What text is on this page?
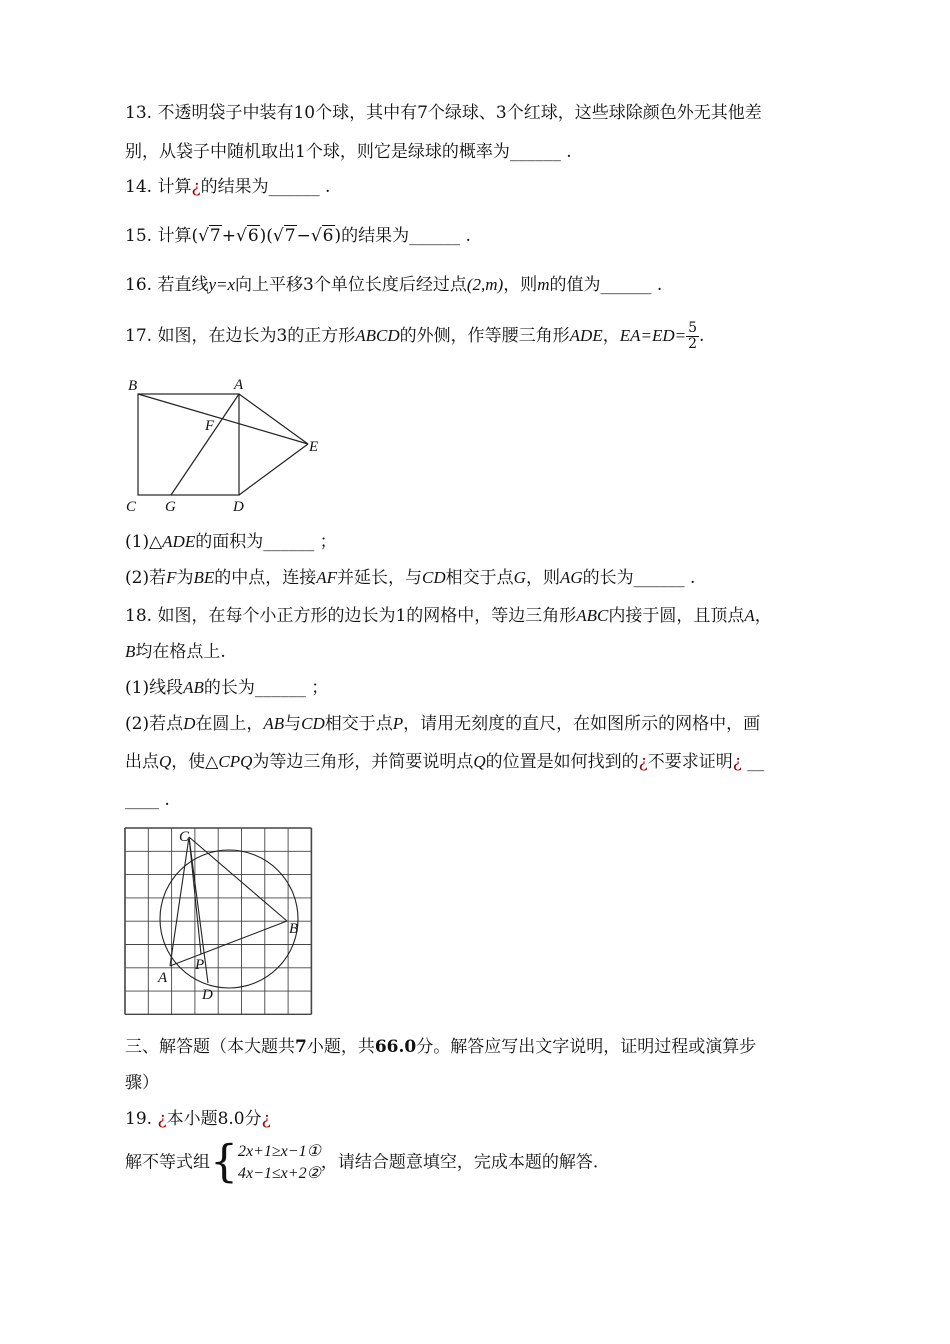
13. 不透明袋子中装有10个球，其中有7个绿球、3个红球，这些球除颜色外无其他差
别，从袋子中随机取出1个球，则它是绿球的概率为______ .
14. 计算¿的结果为______ .
15. 计算(√7+√6)(√7−√6)的结果为______ .
16. 若直线y=x向上平移3个单位长度后经过点(2,m)，则m的值为______ .
17. 如图，在边长为3的正方形ABCD的外侧，作等腰三角形ADE，$EA=ED= \frac{5}{2}$ .
B	A
F
E
C G	D
(1)△ADE的面积为______ ；
(2)若F为BE的中点，连接AF并延长，与CD相交于点G，则AG的长为______ .
18. 如图，在每个小正方形的边长为1的网格中，等边三角形ABC内接于圆，且顶点A，
B均在格点上.
(1)线段AB的长为______ ；
(2)若点D在圆上，AB与CD相交于点P，请用无刻度的直尺，在如图所示的网格中，画
出点Q，使△CPQ为等边三角形，并简要说明点Q的位置是如何找到的¿不要求证明¿ __
____ .
C
B
A
P
D
三、解答题（本大题共7小题，共66.0分。解答应写出文字说明，证明过程或演算步
骤）
19. ¿本小题8.0分¿
解不等式组{ 2x+1≥x−1①
4x−1≤x+2②
，请结合题意填空，完成本题的解答.
